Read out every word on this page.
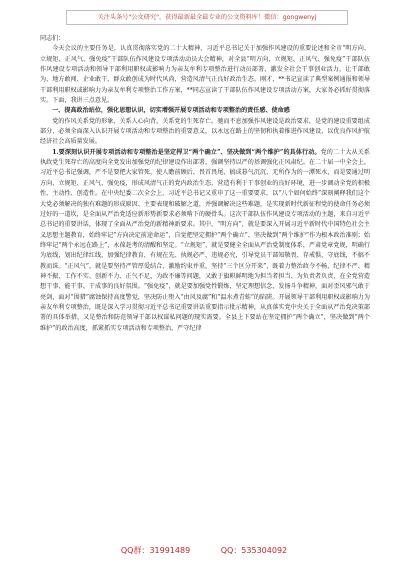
关注头条号"公文研究"，获得最新最全最专业的公文资料库！微信：gongwenyj

同志们：

今天会议的主要任务是，认真贯彻落实党的二十大精神、习近平总书记关于加强作风建设的重要论述和全市“明方向、立规矩、正风气、强免疫”干部队伍作风建设专项活动动员大会精神，对全县“明方向、立规矩、正风气、强免疫”干部队伍作风建设专项活动和领导干部利用职权或影响力为亲友牟利专项整治进行动员部署，激发全社会干事创业活力，让干部敢为、地方敢闯、企业敢干、群众敢创成为时代风尚，营造风清气正良好政治生态。刚才，**书记宣读了典型案例通报和领导干部利用职权或影响力为亲友牟利专项整治工作方案，**同志宣读了干部队伍作风建设专项活动方案，大家务必抓好贯彻落实。下面，我讲三点意见。

一、提高政治站位，强化思想认识，切实增强开展专项活动和专项整治的责任感、使命感

党的作风关系党的形象，关系人心向背，关系党的生死存亡。驰而不息加强作风建设是政治要求，是党的建设重要组成部分，必须全面深入认识开展专项活动和专项整治的重要意义，以永远在路上的坚韧和执着推进作风建设，以优良作风护航经济社会高质量发展。

1.要深刻认识开展专项活动和专项整治是坚定捍卫“两个确立”、坚决做到“两个维护”的具体行动。党的二十大从关系执政党生死存亡的高度向全党发出加强党的纪律建设作出部署，强调坚持以严的基调强化正风肃纪。在二十届一中全会上，习近平总书记强调，严不是要把大家管死，使人瞻前顾后、畏首畏尾、搞成暮气沉沉、无所作为的一潭死水，而是要通过明方向、立规矩、正风气、强免疫，形成风清气正的党内政治生态，营造有利于干事创业的良好环境，进一步调动全党的积极性、主动性、创造性。在中央纪委二次全会上，习近平总书记又重申了这一重要要求，以“八个如何始终”深刻阐释我们这个大党必须解决的独有难题的形成原因、主要表现和破解之道，并强调解决这些难题，是实现新时代新征程党的使命任务必须过好的一道坎，是全面从严治党适应新形势新要求必须啃下的硬骨头。这次干部队伍作风建设专项活动的主题，来自习近平总书记的重要讲话，体现了全面从严治党的新精神新要求。其中，“明方向”，就是要深入开展习近平新时代中国特色社会主义思想主题教育，始终牢记“方向决定前途命运”，自觉把坚定拥护“两个确立”、坚决做到“两个维护”作为根本政治准则；始终牢记“两个永远在路上”，永葆赶考的清醒和坚定。“立规矩”，就是要健全全面从严治党制度体系，严肃党章党规，明确行为底线，划出纪律红线，加强纪律教育，有规在先、执规必严、违规必究，引导党员干部知敬畏、存戒惧、守底线，不搞不教而诛。“正风气”，就是要坚持严管厚爱结合、激励约束并重，坚持“三个区分开来”，既着力整治政令不畅、纪律不严、精神不振、工作不实、创新不力、正气不足、为政不廉等问题，又敢于旗帜鲜明地为担当者担当、为负责者负责，在全党营造想干事、能干事、干成事的良好氛围。“强免疫”，就是要加强党性锻炼，坚定理想信念，发扬斗争精神，面对歪风邪气敢于亮剑，面对“围猎”腐蚀保持高度警觉，坚决防止堕入“由风及腐”和“温水煮青蛙”的陷阱。开展领导干部利用职权或影响力为亲友牟利专项整治，既是深入学习贯彻习近平总书记重要讲话重要指示批示精神，从真落实党中央关于全面从严治党决策部署的具体举措，又是整治和防范领导干部以权谋私问题的现实需要。全县上下要站在坚定拥护“两个确立”，坚决做到“两个维护”的政治高度，抓紧抓实专项活动和专项整治，严守纪律

QQ群：31991489	QQ：535304092
